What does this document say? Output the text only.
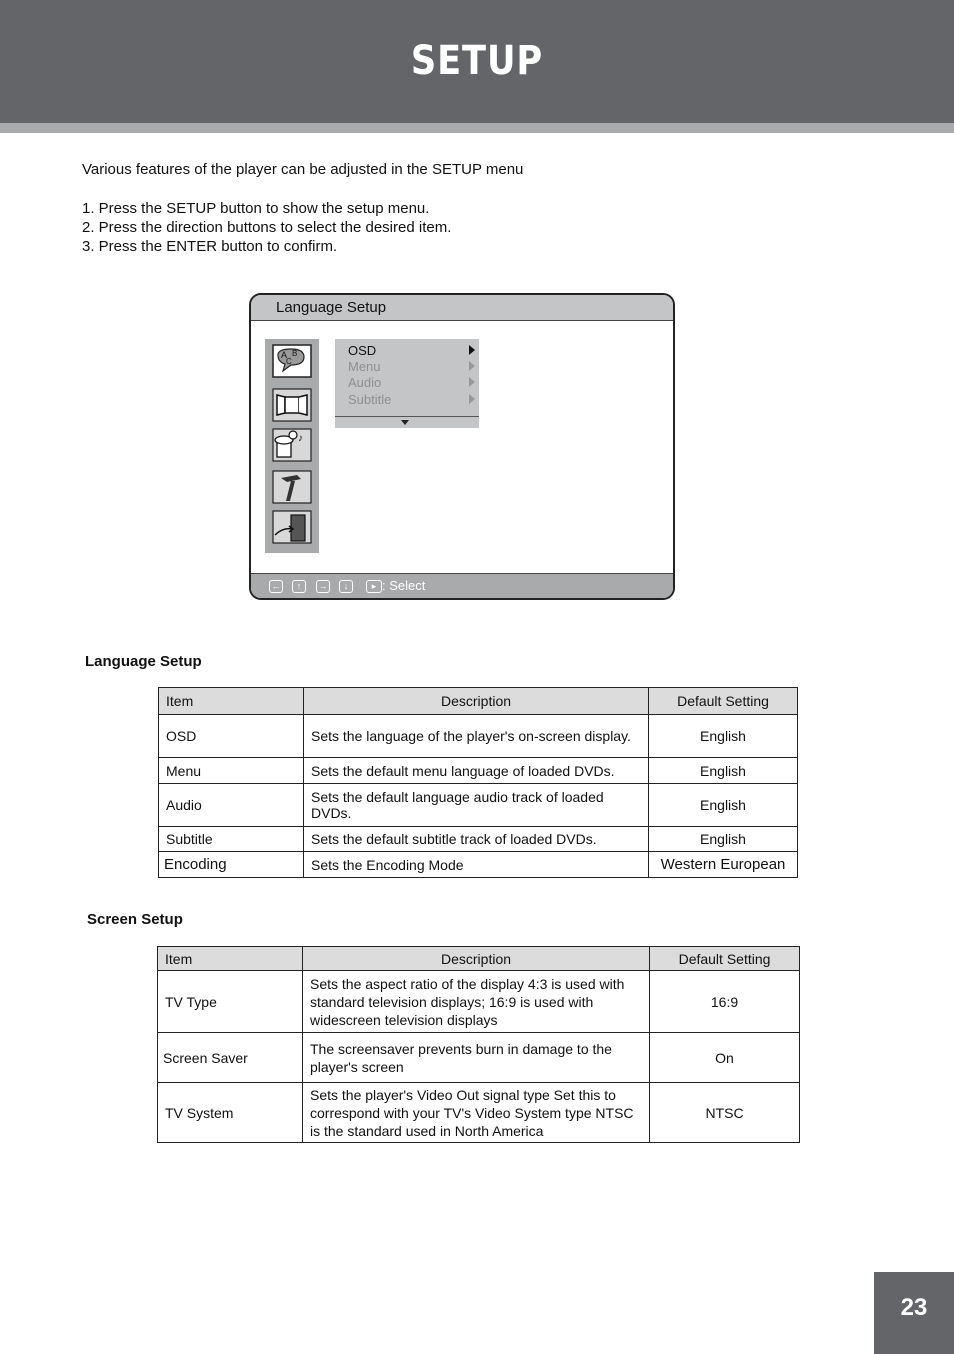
SETUP
Various features of the player can be adjusted in the SETUP menu
1. Press the SETUP button to show the setup menu.
2. Press the direction buttons to select the desired item.
3. Press the ENTER button to confirm.
Language Setup
A B
C
♪
OSD
Menu
Audio
Subtitle
←	↑	→	↓	▸ : Select
Language Setup
Item	Description	Default Setting
OSD	Sets the language of the player's on-screen display.	English
Menu	Sets the default menu language of loaded DVDs.	English
Audio	Sets the default language audio track of loaded DVDs.	English
Subtitle	Sets the default subtitle track of loaded DVDs.	English
Encoding	Sets the Encoding Mode	Western European
Screen Setup
Item	Description	Default Setting
TV Type	Sets the aspect ratio of the display 4:3 is used with standard television displays; 16:9 is used with widescreen television displays	16:9
Screen Saver	The screensaver prevents burn in damage to the player's screen	On
TV System	Sets the player's Video Out signal type Set this to correspond with your TV's Video System type NTSC is the standard used in North America	NTSC
23
